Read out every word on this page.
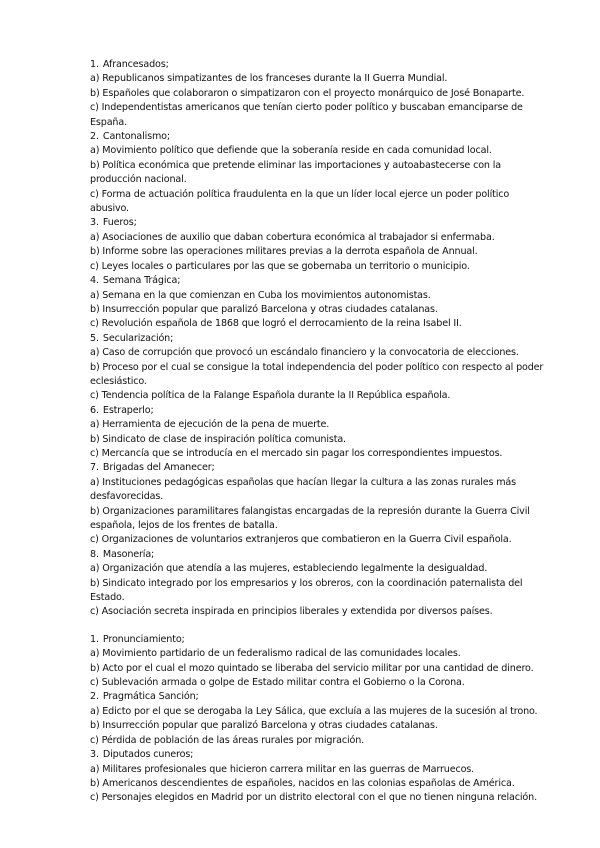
1. Afrancesados;
a) Republicanos simpatizantes de los franceses durante la II Guerra Mundial.
b) Españoles que colaboraron o simpatizaron con el proyecto monárquico de José Bonaparte.
c) Independentistas americanos que tenían cierto poder político y buscaban emanciparse de España.
2. Cantonalismo;
a) Movimiento político que defiende que la soberanía reside en cada comunidad local.
b) Política económica que pretende eliminar las importaciones y autoabastecerse con la producción nacional.
c) Forma de actuación política fraudulenta en la que un líder local ejerce un poder político abusivo.
3. Fueros;
a) Asociaciones de auxilio que daban cobertura económica al trabajador si enfermaba.
b) Informe sobre las operaciones militares previas a la derrota española de Annual.
c) Leyes locales o particulares por las que se gobernaba un territorio o municipio.
4. Semana Trágica;
a) Semana en la que comienzan en Cuba los movimientos autonomistas.
b) Insurrección popular que paralizó Barcelona y otras ciudades catalanas.
c) Revolución española de 1868 que logró el derrocamiento de la reina Isabel II.
5. Secularización;
a) Caso de corrupción que provocó un escándalo financiero y la convocatoria de elecciones.
b) Proceso por el cual se consigue la total independencia del poder político con respecto al poder eclesiástico.
c) Tendencia política de la Falange Española durante la II República española.
6. Estraperlo;
a) Herramienta de ejecución de la pena de muerte.
b) Sindicato de clase de inspiración política comunista.
c) Mercancía que se introducía en el mercado sin pagar los correspondientes impuestos.
7. Brigadas del Amanecer;
a) Instituciones pedagógicas españolas que hacían llegar la cultura a las zonas rurales más desfavorecidas.
b) Organizaciones paramilitares falangistas encargadas de la represión durante la Guerra Civil española, lejos de los frentes de batalla.
c) Organizaciones de voluntarios extranjeros que combatieron en la Guerra Civil española.
8. Masonería;
a) Organización que atendía a las mujeres, estableciendo legalmente la desigualdad.
b) Sindicato integrado por los empresarios y los obreros, con la coordinación paternalista del Estado.
c) Asociación secreta inspirada en principios liberales y extendida por diversos países.
1. Pronunciamiento;
a) Movimiento partidario de un federalismo radical de las comunidades locales.
b) Acto por el cual el mozo quintado se liberaba del servicio militar por una cantidad de dinero.
c) Sublevación armada o golpe de Estado militar contra el Gobierno o la Corona.
2. Pragmática Sanción;
a) Edicto por el que se derogaba la Ley Sálica, que excluía a las mujeres de la sucesión al trono.
b) Insurrección popular que paralizó Barcelona y otras ciudades catalanas.
c) Pérdida de población de las áreas rurales por migración.
3. Diputados cuneros;
a) Militares profesionales que hicieron carrera militar en las guerras de Marruecos.
b) Americanos descendientes de españoles, nacidos en las colonias españolas de América.
c) Personajes elegidos en Madrid por un distrito electoral con el que no tienen ninguna relación.
